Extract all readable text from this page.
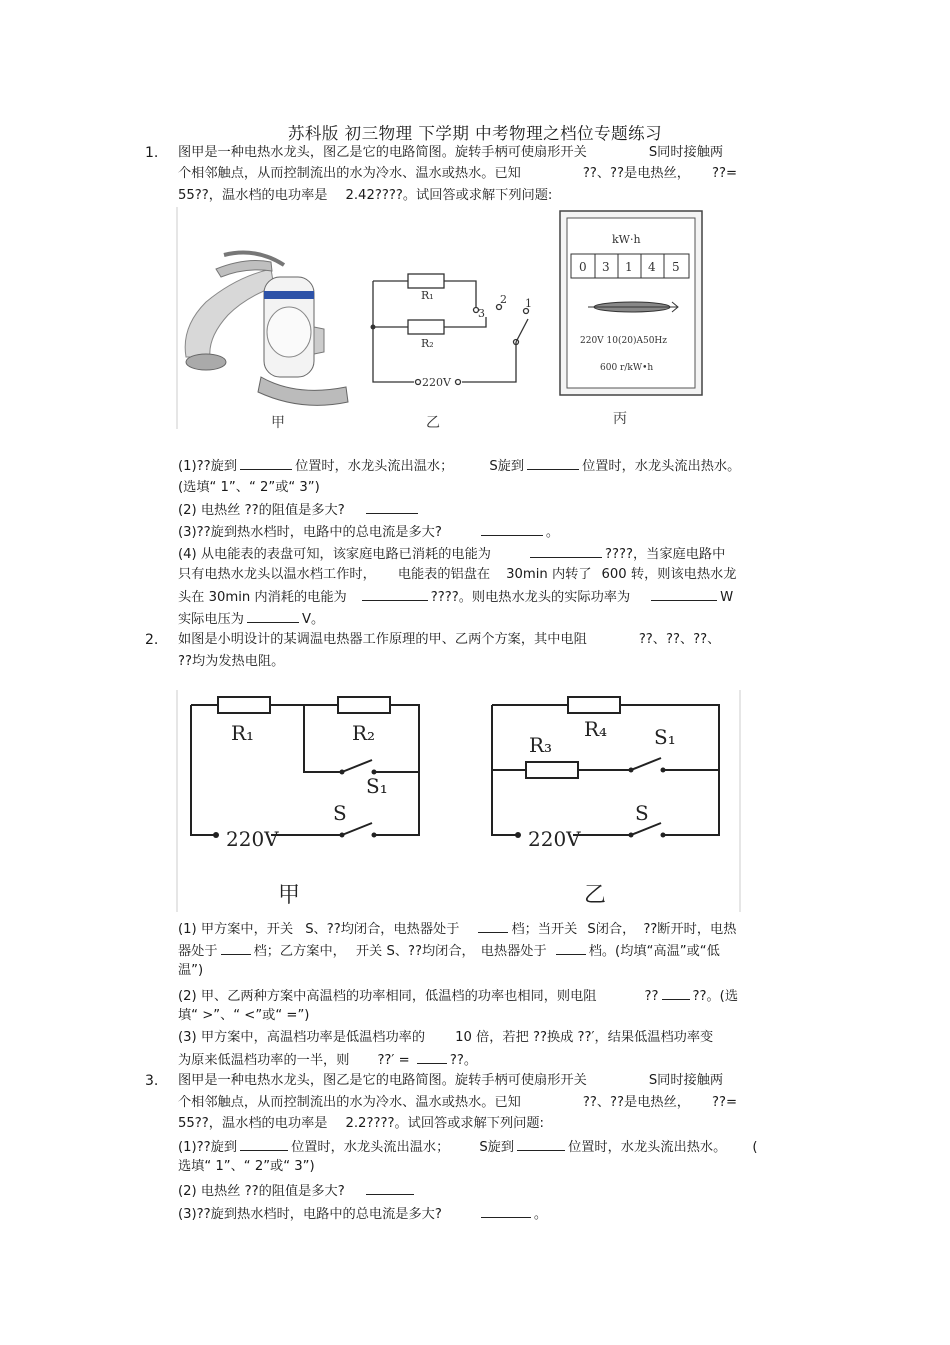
苏科版 初三物理 下学期 中考物理之档位专题练习
1. 图甲是一种电热水龙头，图乙是它的电路简图。旋转手柄可使扇形开关	S同时接触两
个相邻触点，从而控制流出的水为冷水、温水或热水。已知	??、??是电热丝， ??=
55??，温水档的电功率是 2.42????。试回答或求解下列问题:
甲
R₁
R₂
3
2 1
220V
乙
kW·h
0 3 1 4 5
220V 10(20)A50Hz
600 r/kW•h
丙
(1)??旋到	位置时，水龙头流出温水；	S旋到	位置时，水龙头流出热水。
(选填“ 1”、“ 2”或“ 3”)
(2) 电热丝 ??的阻值是多大?
(3)??旋到热水档时，电路中的总电流是多大?	。
(4) 从电能表的表盘可知，该家庭电路已消耗的电能为	????，当家庭电路中
只有电热水龙头以温水档工作时， 电能表的铝盘在 30min 内转了 600 转，则该电热水龙
头在 30min 内消耗的电能为	????。则电热水龙头的实际功率为	W
实际电压为	V。
2. 如图是小明设计的某调温电热器工作原理的甲、乙两个方案，其中电阻	??、??、??、
??均为发热电阻。
R₁	R₂
S₁
S
220V
甲
R₄
R₃	S₁
S
220V
乙
(1) 甲方案中，开关 S、??均闭合，电热器处于	档；当开关 S闭合， ??断开时，电热
器处于	档；乙方案中， 开关 S、??均闭合， 电热器处于	档。(均填“高温”或“低
温”)
(2) 甲、乙两种方案中高温档的功率相同，低温档的功率也相同，则电阻	??	??。(选
填“ >”、“ <”或“ =”)
(3) 甲方案中，高温档功率是低温档功率的 10 倍，若把 ??换成 ??′，结果低温档功率变
为原来低温档功率的一半，则 ??′ =	??。
3. 图甲是一种电热水龙头，图乙是它的电路简图。旋转手柄可使扇形开关	S同时接触两
个相邻触点，从而控制流出的水为冷水、温水或热水。已知	??、??是电热丝， ??=
55??，温水档的电功率是 2.2????。试回答或求解下列问题:
(1)??旋到	位置时，水龙头流出温水； S旋到	位置时，水龙头流出热水。 (
选填“ 1”、“ 2”或“ 3”)
(2) 电热丝 ??的阻值是多大?
(3)??旋到热水档时，电路中的总电流是多大?	。
